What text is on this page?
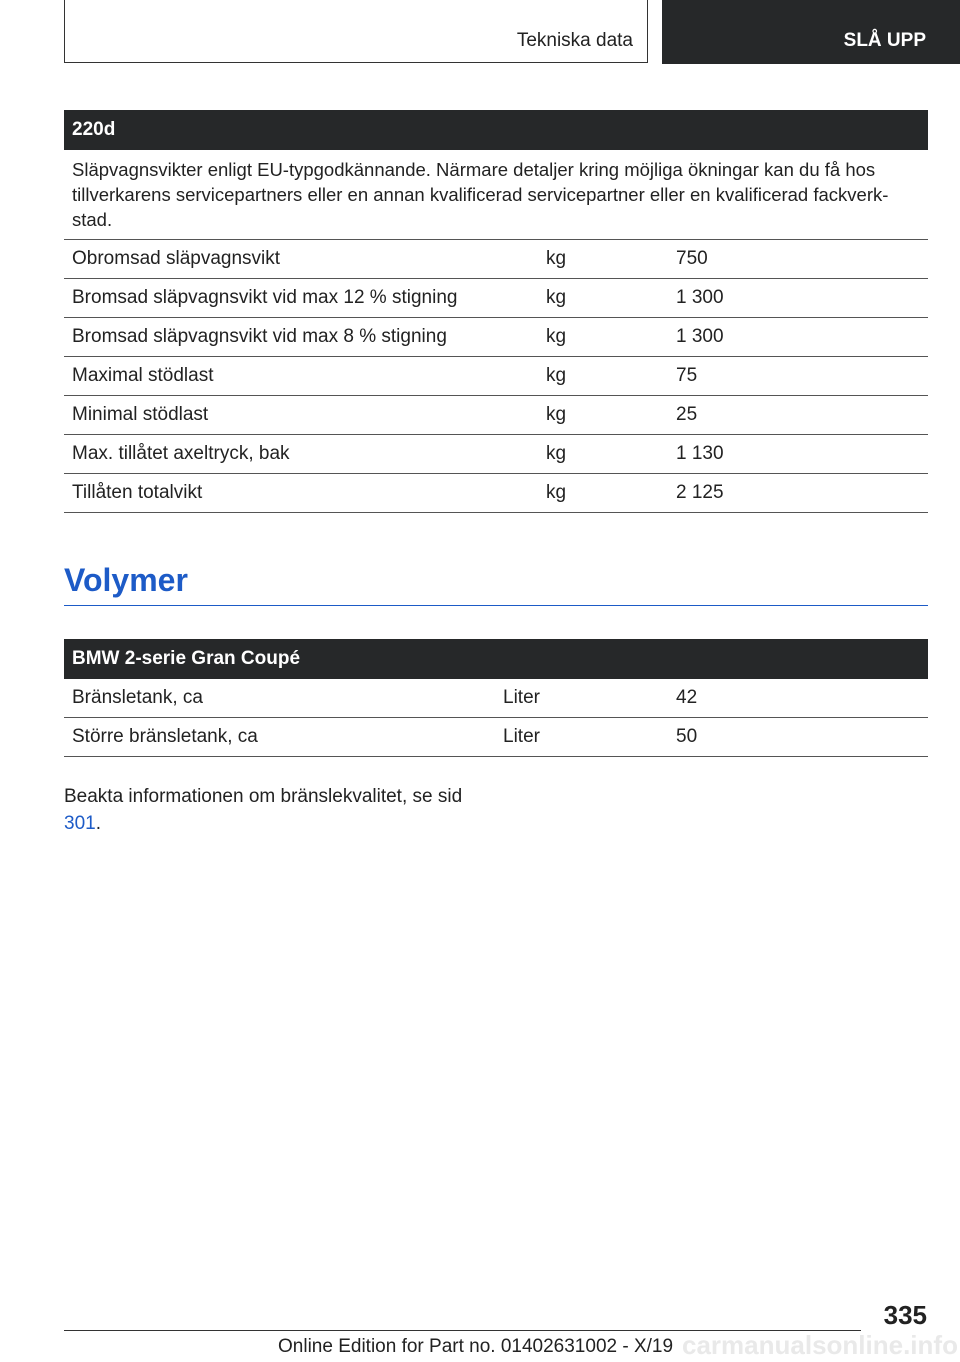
Tekniska data	SLÅ UPP
220d
Släpvagnsvikter enligt EU-typgodkännande. Närmare detaljer kring möjliga ökningar kan du få hos tillverkarens servicepartners eller en annan kvalificerad servicepartner eller en kvalificerad fackverk-stad.
Obromsad släpvagnsvikt	kg	750
Bromsad släpvagnsvikt vid max 12 % stigning	kg	1 300
Bromsad släpvagnsvikt vid max 8 % stigning	kg	1 300
Maximal stödlast	kg	75
Minimal stödlast	kg	25
Max. tillåtet axeltryck, bak	kg	1 130
Tillåten totalvikt	kg	2 125
Volymer
BMW 2-serie Gran Coupé
Bränsletank, ca	Liter	42
Större bränsletank, ca	Liter	50
Beakta informationen om bränslekvalitet, se sid 301.
335
carmanualsonline.info
Online Edition for Part no. 01402631002 - X/19
